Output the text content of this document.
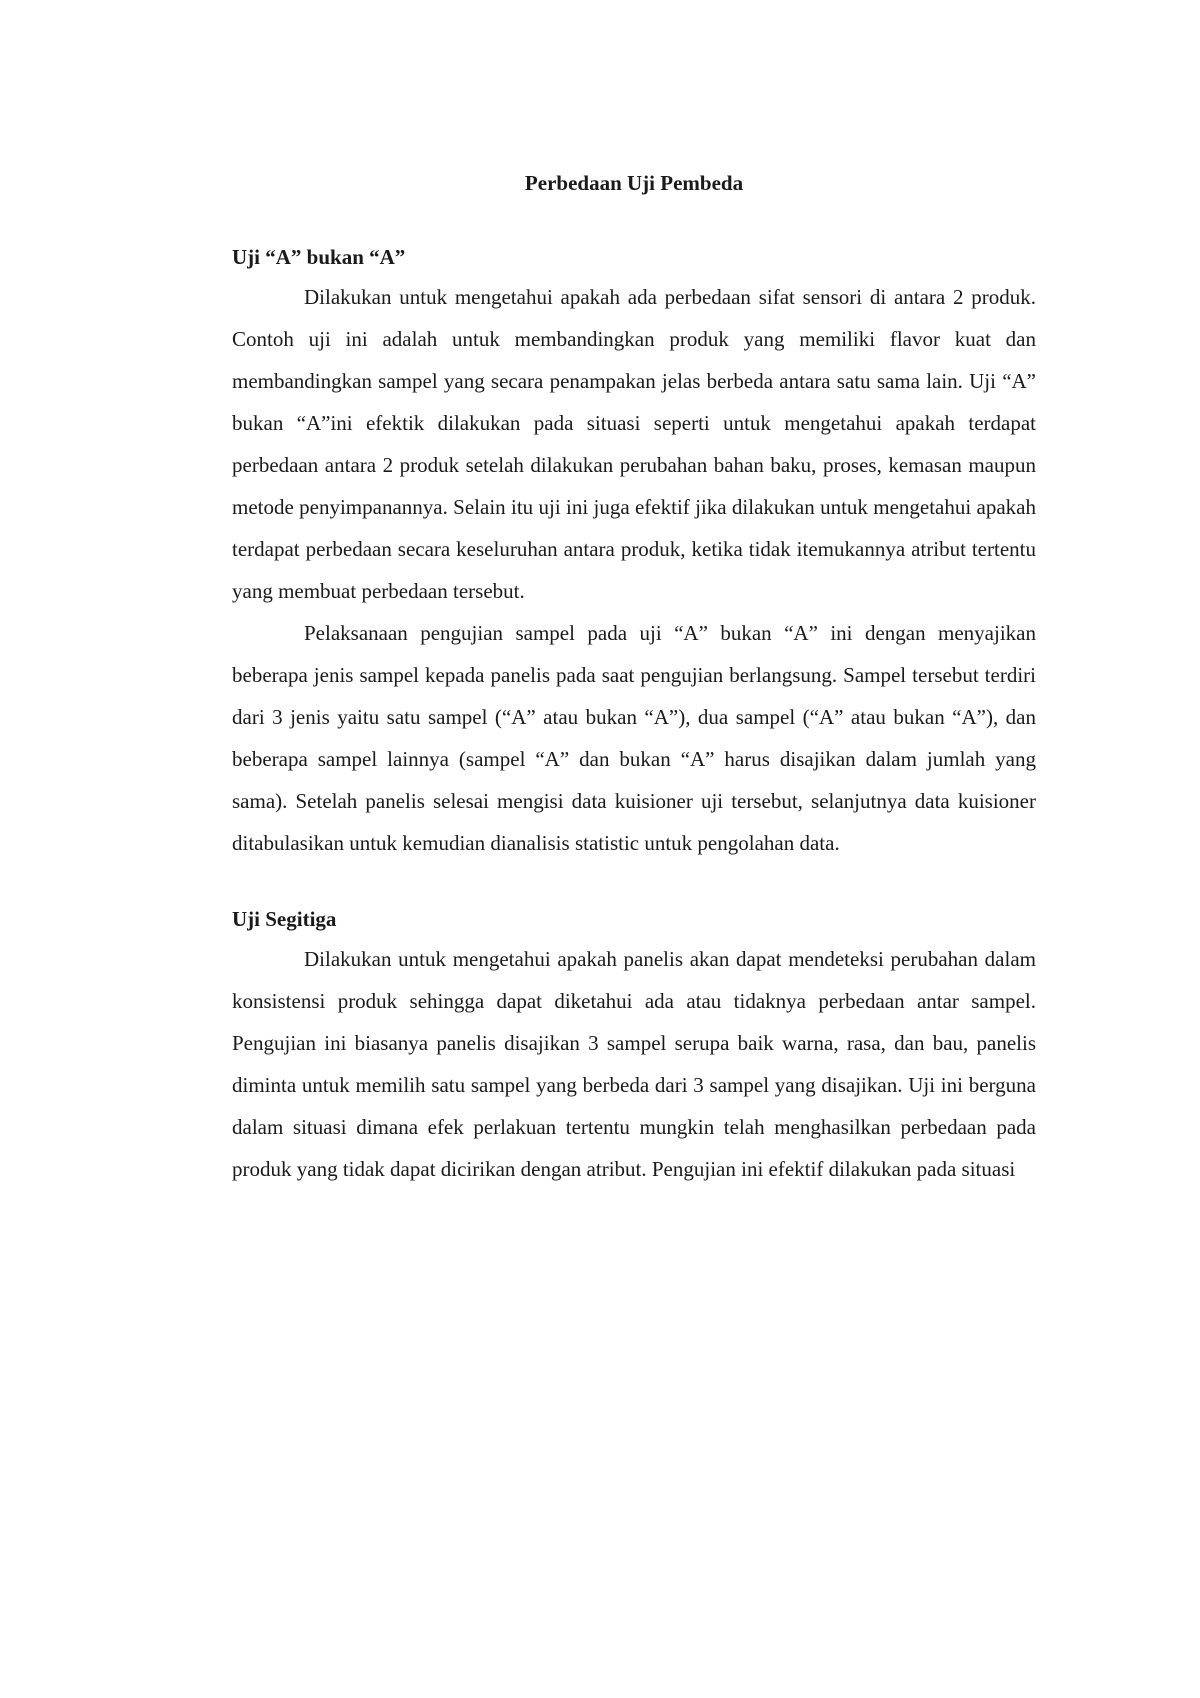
Perbedaan Uji Pembeda
Uji “A” bukan “A”

Dilakukan untuk mengetahui apakah ada perbedaan sifat sensori di antara 2 produk. Contoh uji ini adalah untuk membandingkan produk yang memiliki flavor kuat dan membandingkan sampel yang secara penampakan jelas berbeda antara satu sama lain. Uji “A” bukan “A”ini efektik dilakukan pada situasi seperti untuk mengetahui apakah terdapat perbedaan antara 2 produk setelah dilakukan perubahan bahan baku, proses, kemasan maupun metode penyimpanannya. Selain itu uji ini juga efektif jika dilakukan untuk mengetahui apakah terdapat perbedaan secara keseluruhan antara produk, ketika tidak itemukannya atribut tertentu yang membuat perbedaan tersebut.

Pelaksanaan pengujian sampel pada uji “A” bukan “A” ini dengan menyajikan beberapa jenis sampel kepada panelis pada saat pengujian berlangsung. Sampel tersebut terdiri dari 3 jenis yaitu satu sampel (“A” atau bukan “A”), dua sampel (“A” atau bukan “A”), dan beberapa sampel lainnya (sampel “A” dan bukan “A” harus disajikan dalam jumlah yang sama). Setelah panelis selesai mengisi data kuisioner uji tersebut, selanjutnya data kuisioner ditabulasikan untuk kemudian dianalisis statistic untuk pengolahan data.

Uji Segitiga

Dilakukan untuk mengetahui apakah panelis akan dapat mendeteksi perubahan dalam konsistensi produk sehingga dapat diketahui ada atau tidaknya perbedaan antar sampel. Pengujian ini biasanya panelis disajikan 3 sampel serupa baik warna, rasa, dan bau, panelis diminta untuk memilih satu sampel yang berbeda dari 3 sampel yang disajikan. Uji ini berguna dalam situasi dimana efek perlakuan tertentu mungkin telah menghasilkan perbedaan pada produk yang tidak dapat dicirikan dengan atribut. Pengujian ini efektif dilakukan pada situasi
